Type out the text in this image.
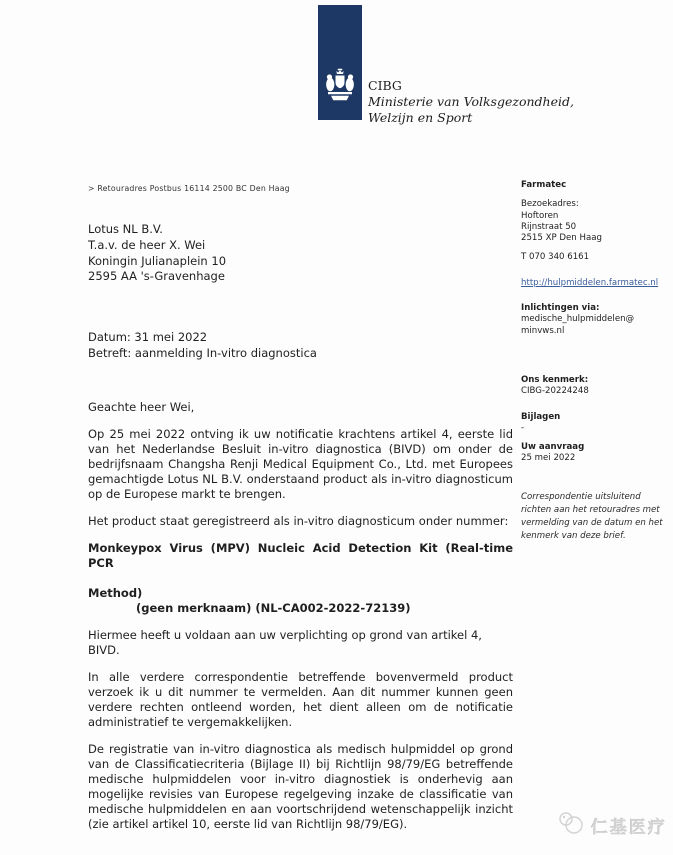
CIBG
Ministerie van Volksgezondheid,
Welzijn en Sport
> Retouradres Postbus 16114 2500 BC Den Haag
Lotus NL B.V.
T.a.v. de heer X. Wei
Koningin Julianaplein 10
2595 AA 's-Gravenhage
Farmatec
Bezoekadres:
Hoftoren
Rijnstraat 50
2515 XP Den Haag
T 070 340 6161
http://hulpmiddelen.farmatec.nl
Inlichtingen via:
medische_hulpmiddelen@
minvws.nl
Ons kenmerk:
CIBG-20224248
Bijlagen
-
Uw aanvraag
25 mei 2022
Correspondentie uitsluitend richten aan het retouradres met vermelding van de datum en het kenmerk van deze brief.
Datum: 31 mei 2022
Betreft: aanmelding In-vitro diagnostica
Geachte heer Wei,
Op 25 mei 2022 ontving ik uw notificatie krachtens artikel 4, eerste lid van het Nederlandse Besluit in-vitro diagnostica (BIVD) om onder de bedrijfsnaam Changsha Renji Medical Equipment Co., Ltd. met Europees gemachtigde Lotus NL B.V. onderstaand product als in-vitro diagnosticum op de Europese markt te brengen.
Het product staat geregistreerd als in-vitro diagnosticum onder nummer:
Monkeypox Virus (MPV) Nucleic Acid Detection Kit (Real-time PCR
Method)
(geen merknaam) (NL-CA002-2022-72139)
Hiermee heeft u voldaan aan uw verplichting op grond van artikel 4, BIVD.
In alle verdere correspondentie betreffende bovenvermeld product verzoek ik u dit nummer te vermelden. Aan dit nummer kunnen geen verdere rechten ontleend worden, het dient alleen om de notificatie administratief te vergemakkelijken.
De registratie van in-vitro diagnostica als medisch hulpmiddel op grond van de Classificatiecriteria (Bijlage II) bij Richtlijn 98/79/EG betreffende medische hulpmiddelen voor in-vitro diagnostiek is onderhevig aan mogelijke revisies van Europese regelgeving inzake de classificatie van medische hulpmiddelen en aan voortschrijdend wetenschappelijk inzicht (zie artikel artikel 10, eerste lid van Richtlijn 98/79/EG).	仁基医疗
